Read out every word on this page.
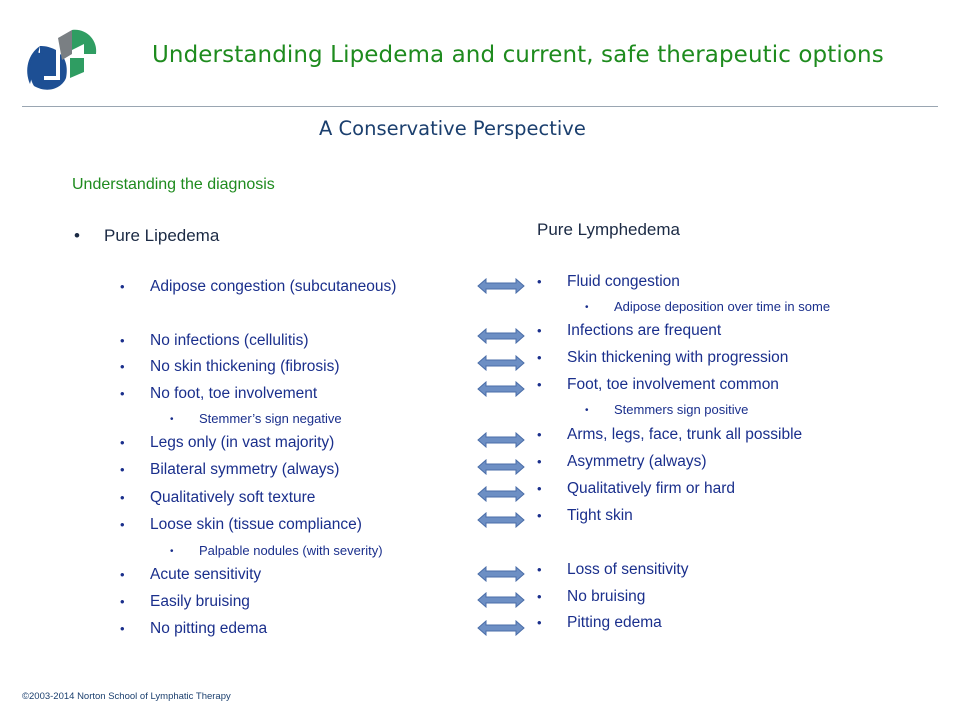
Understanding Lipedema and current, safe therapeutic options
A Conservative Perspective
Understanding the diagnosis
• Pure Lipedema	Pure Lymphedema
• Adipose congestion (subcutaneous)
• No infections (cellulitis)
• No skin thickening (fibrosis)
• No foot, toe involvement
• Stemmer’s sign negative
• Legs only (in vast majority)
• Bilateral symmetry (always)
• Qualitatively soft texture
• Loose skin (tissue compliance)
• Palpable nodules (with severity)
• Acute sensitivity
• Easily bruising
• No pitting edema
• Fluid congestion
• Adipose deposition over time in some
• Infections are frequent
• Skin thickening with progression
• Foot, toe involvement common
• Stemmers sign positive
• Arms, legs, face, trunk all possible
• Asymmetry (always)
• Qualitatively firm or hard
• Tight skin
• Loss of sensitivity
• No bruising
• Pitting edema
©2003-2014 Norton School of Lymphatic Therapy
